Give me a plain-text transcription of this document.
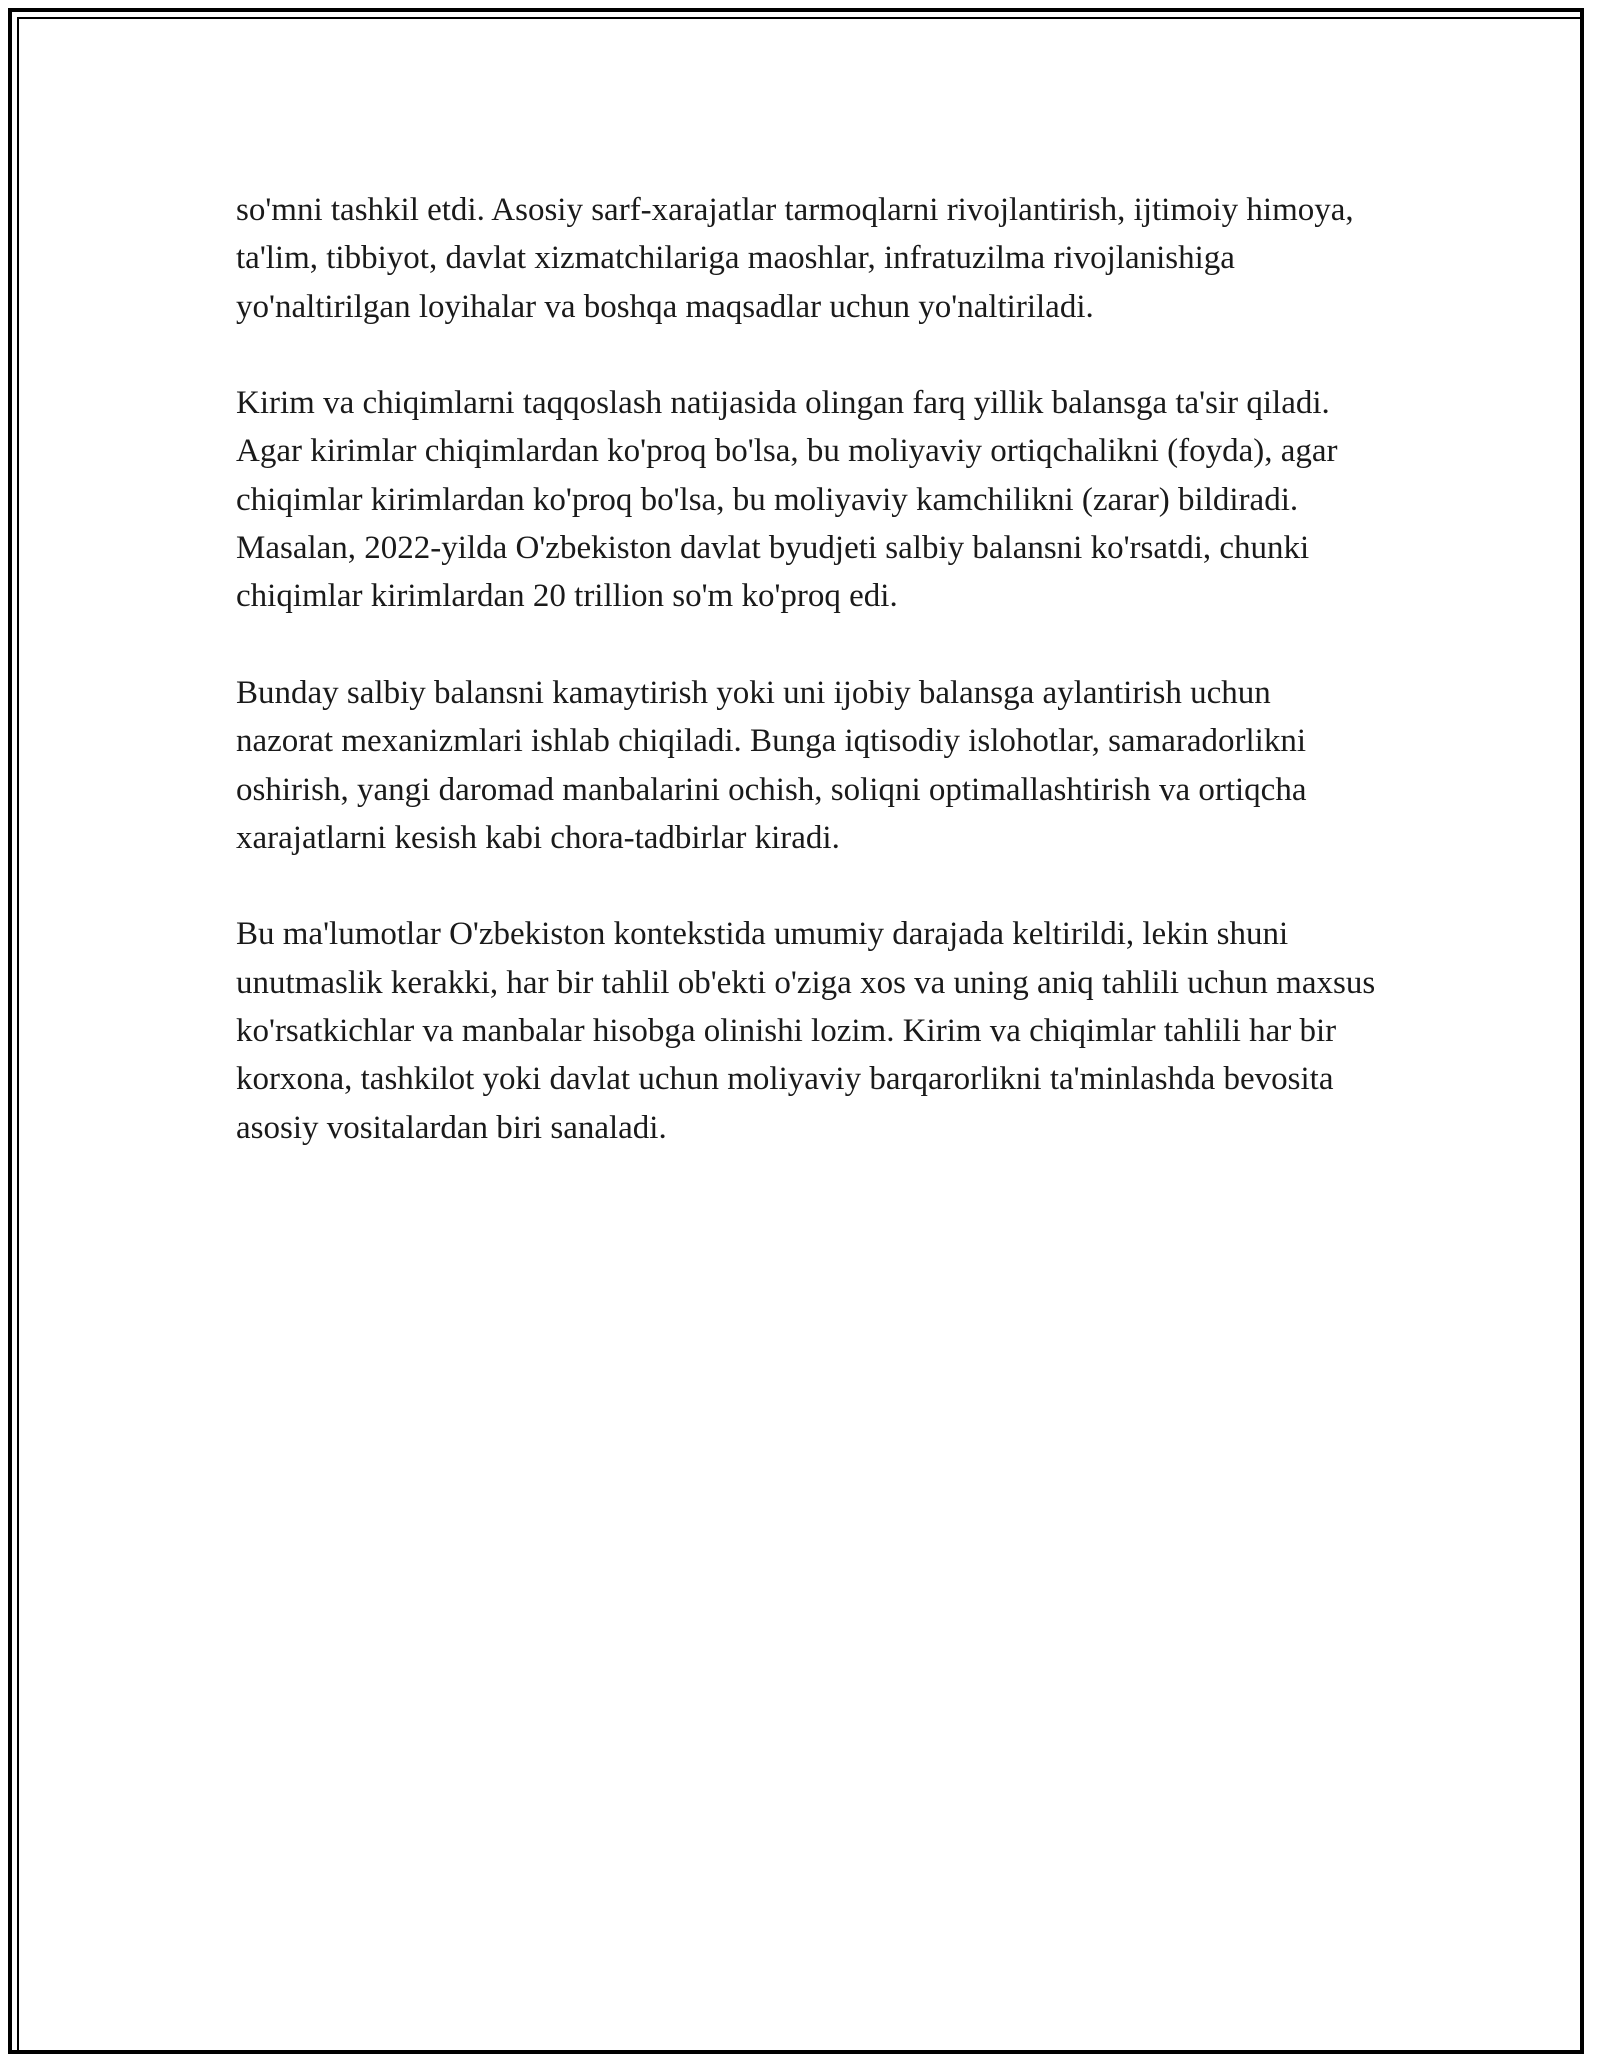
so'mni tashkil etdi. Asosiy sarf-xarajatlar tarmoqlarni rivojlantirish, ijtimoiy himoya, ta'lim, tibbiyot, davlat xizmatchilariga maoshlar, infratuzilma rivojlanishiga yo'naltirilgan loyihalar va boshqa maqsadlar uchun yo'naltiriladi.

Kirim va chiqimlarni taqqoslash natijasida olingan farq yillik balansga ta'sir qiladi. Agar kirimlar chiqimlardan ko'proq bo'lsa, bu moliyaviy ortiqchalikni (foyda), agar chiqimlar kirimlardan ko'proq bo'lsa, bu moliyaviy kamchilikni (zarar) bildiradi. Masalan, 2022-yilda O'zbekiston davlat byudjeti salbiy balansni ko'rsatdi, chunki chiqimlar kirimlardan 20 trillion so'm ko'proq edi.

Bunday salbiy balansni kamaytirish yoki uni ijobiy balansga aylantirish uchun nazorat mexanizmlari ishlab chiqiladi. Bunga iqtisodiy islohotlar, samaradorlikni oshirish, yangi daromad manbalarini ochish, soliqni optimallashtirish va ortiqcha xarajatlarni kesish kabi chora-tadbirlar kiradi.

Bu ma'lumotlar O'zbekiston kontekstida umumiy darajada keltirildi, lekin shuni unutmaslik kerakki, har bir tahlil ob'ekti o'ziga xos va uning aniq tahlili uchun maxsus ko'rsatkichlar va manbalar hisobga olinishi lozim. Kirim va chiqimlar tahlili har bir korxona, tashkilot yoki davlat uchun moliyaviy barqarorlikni ta'minlashda bevosita asosiy vositalardan biri sanaladi.
